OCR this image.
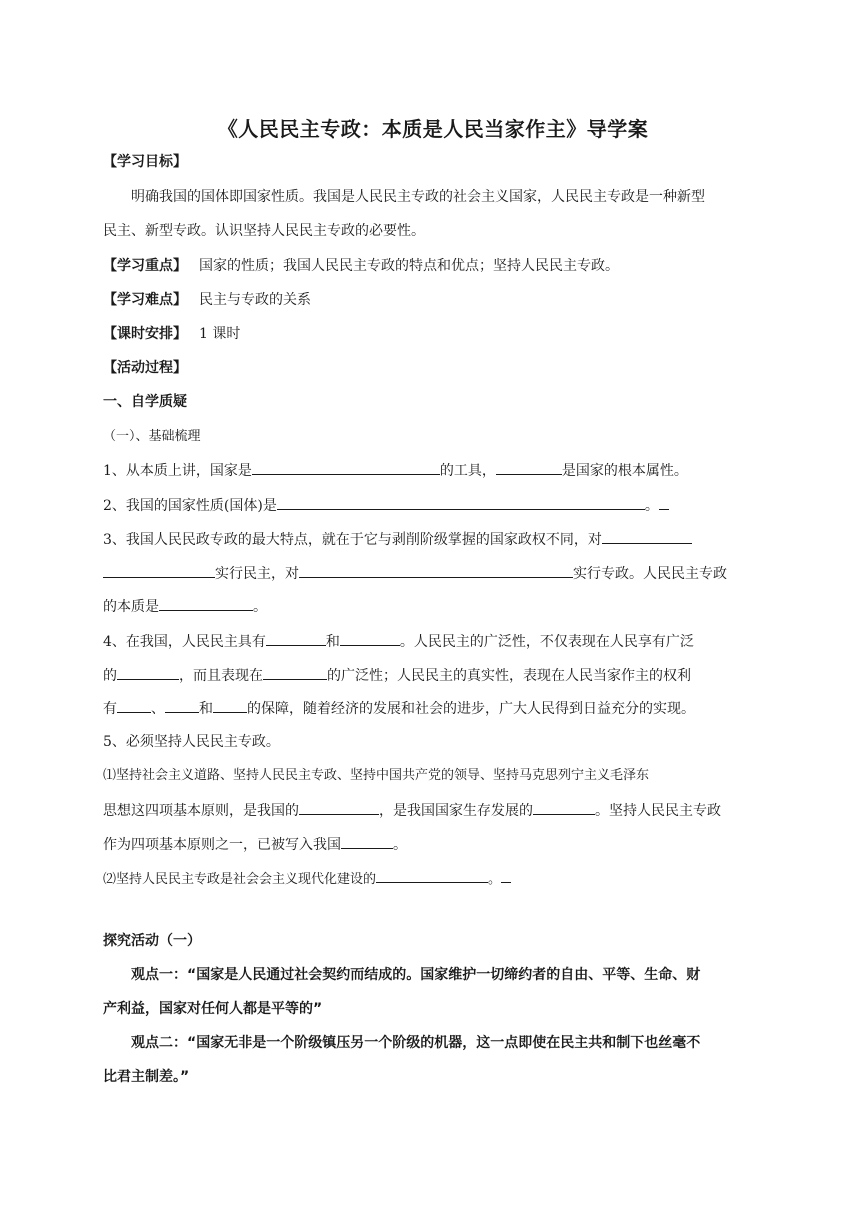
《人民民主专政：本质是人民当家作主》导学案
【学习目标】
明确我国的国体即国家性质。我国是人民民主专政的社会主义国家，人民民主专政是一种新型
民主、新型专政。认识坚持人民民主专政的必要性。
【学习重点】 国家的性质；我国人民民主专政的特点和优点；坚持人民民主专政。
【学习难点】 民主与专政的关系
【课时安排】 1 课时
【活动过程】
一、自学质疑
（一）、基础梳理
1、从本质上讲，国家是	的工具，	是国家的根本属性。
2、我国的国家性质(国体)是	。
3、我国人民民政专政的最大特点，就在于它与剥削阶级掌握的国家政权不同，对
实行民主，对	实行专政。人民民主专政
的本质是	。
4、在我国，人民民主具有	和	。人民民主的广泛性，不仅表现在人民享有广泛
的	，而且表现在	的广泛性；人民民主的真实性，表现在人民当家作主的权利
有 、 和 的保障，随着经济的发展和社会的进步，广大人民得到日益充分的实现。
5、必须坚持人民民主专政。
⑴坚持社会主义道路、坚持人民民主专政、坚持中国共产党的领导、坚持马克思列宁主义毛泽东
思想这四项基本原则，是我国的	，是我国国家生存发展的	。坚持人民民主专政
作为四项基本原则之一，已被写入我国	。
⑵坚持人民民主专政是社会会主义现代化建设的	。
探究活动（一）
观点一：“国家是人民通过社会契约而结成的。国家维护一切缔约者的自由、平等、生命、财
产利益，国家对任何人都是平等的”
观点二：“国家无非是一个阶级镇压另一个阶级的机器，这一点即使在民主共和制下也丝毫不
比君主制差。”
